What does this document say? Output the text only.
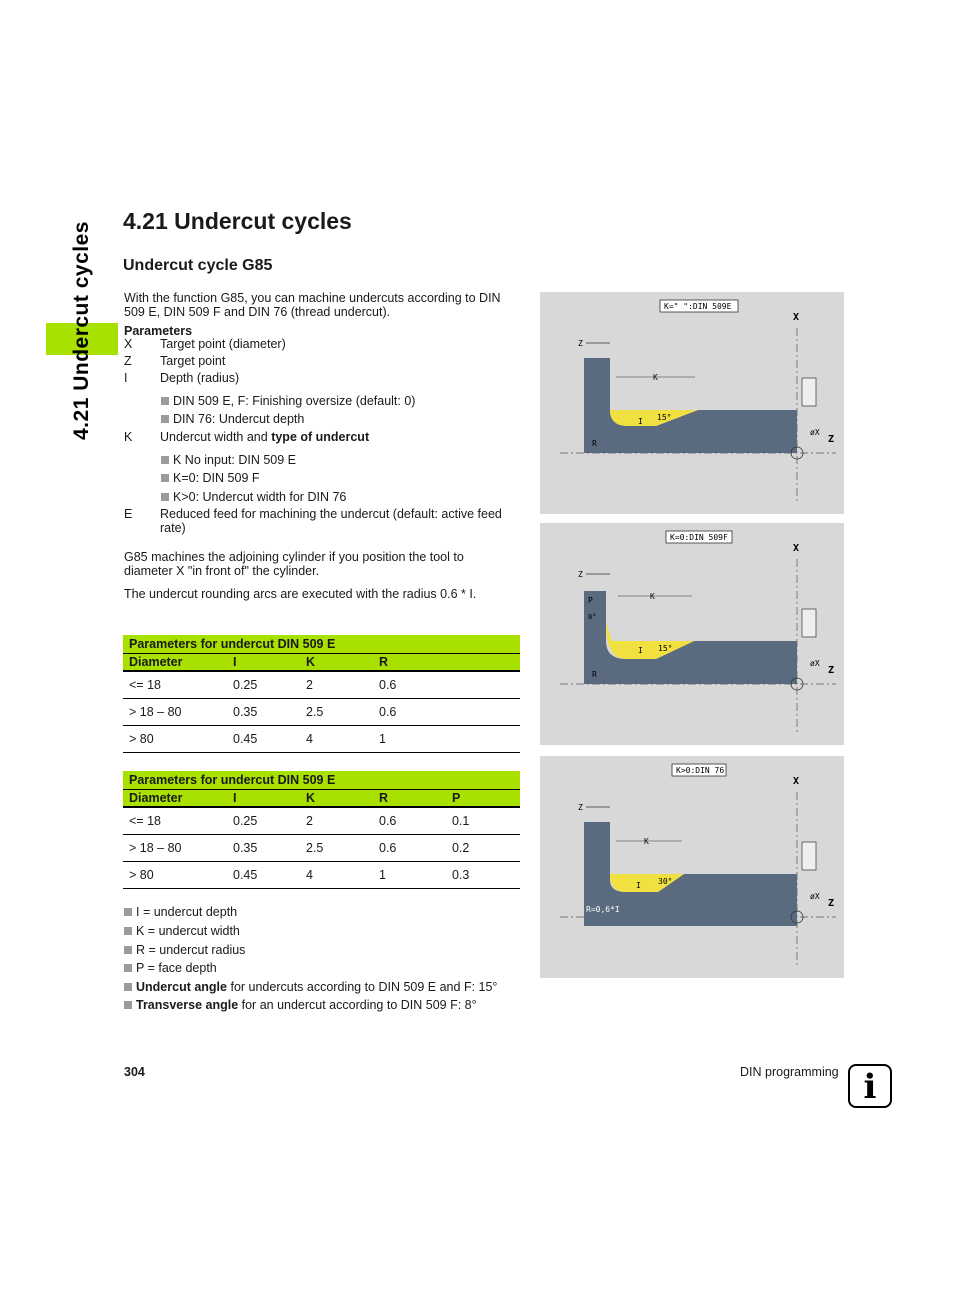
4.21 Undercut cycles
4.21 Undercut cycles
Undercut cycle G85
With the function G85, you can machine undercuts according to DIN
509 E, DIN 509 F and DIN 76 (thread undercut).
Parameters
X Target point (diameter)
Z Target point
I	Depth (radius)
DIN 509 E, F: Finishing oversize (default: 0)
DIN 76: Undercut depth
K Undercut width and type of undercut
K No input: DIN 509 E
K=0: DIN 509 F
K>0: Undercut width for DIN 76
E Reduced feed for machining the undercut (default: active feed
rate)
G85 machines the adjoining cylinder if you position the tool to
diameter X "in front of" the cylinder.
The undercut rounding arcs are executed with the radius 0.6 * I.
Parameters for undercut DIN 509 E			
Diameter	I	K	R
<= 18	0.25	2	0.6
> 18 – 80	0.35	2.5	0.6
> 80	0.45	4	1
Parameters for undercut DIN 509 E				
Diameter	I	K	R	P
<= 18	0.25	2	0.6	0.1
> 18 – 80	0.35	2.5	0.6	0.2
> 80	0.45	4	1	0.3
I = undercut depth
K = undercut width
R = undercut radius
P = face depth
Undercut angle for undercuts according to DIN 509 E and F: 15°
Transverse angle for an undercut according to DIN 509 F: 8°
K=" ":DIN 509E
X
Z
Z
K
I 15°
R
øX
K=0:DIN 509F
X
Z
Z
K
P
8°
I 15°
R
øX
K>0:DIN 76
X
Z
Z
K
I 30°
R=0,6*I
øX
304	DIN programming i
